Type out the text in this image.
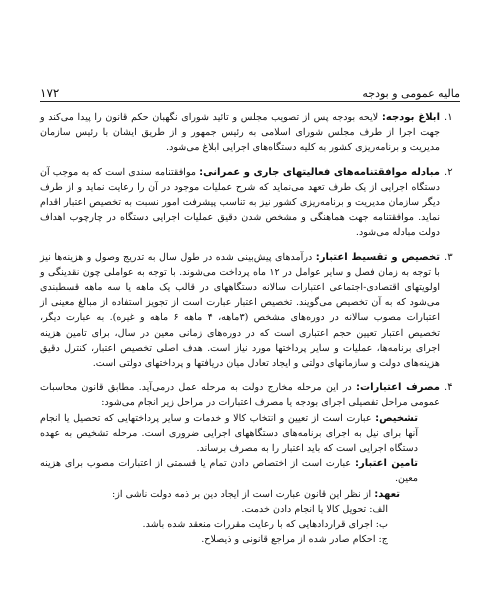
۱۷۲	مالیه عمومی و بودجه
۱.
ابلاغ بودجه: لایحه بودجه پس از تصویب مجلس و تائید شورای نگهبان حکم قانون را پیدا می‌کند و جهت اجرا از طرف مجلس شورای اسلامی به رئیس جمهور و از طریق ایشان با رئیس سازمان مدیریت و برنامه‌ریزی کشور به کلیه دستگاه‌های اجرایی ابلاغ می‌شود.
۲.
مبادله موافقتنامه‌های فعالیتهای جاری و عمرانی: موافقتنامه سندی است که به موجب آن دستگاه اجرایی از یک طرف تعهد می‌نماید که شرح عملیات موجود در آن را رعایت نماید و از طرف دیگر سازمان مدیریت و برنامه‌ریزی کشور نیز به تناسب پیشرفت امور نسبت به تخصیص اعتبار اقدام نماید. موافقتنامه جهت هماهنگی و مشخص شدن دقیق عملیات اجرایی دستگاه در چارچوب اهداف دولت مبادله می‌شود.
۳.
تخصیص و تقسیط اعتبار: درآمدهای پیش‌بینی شده در طول سال به تدریج وصول و هزینه‌ها نیز با توجه به زمان فصل و سایر عوامل در ۱۲ ماه پرداخت می‌شوند. با توجه به عواملی چون نقدینگی و اولویتهای اقتصادی-اجتماعی اعتبارات سالانه دستگاههای در قالب یک ماهه یا سه ماهه قسطبندی می‌شود که به آن تخصیص می‌گویند. تخصیص اعتبار عبارت است از تجویز استفاده از مبالغ معینی از اعتبارات مصوب سالانه در دوره‌های مشخص (۳ماهه، ۴ ماهه ۶ ماهه و غیره). به عبارت دیگر، تخصیص اعتبار تعیین حجم اعتباری است که در دوره‌های زمانی معین در سال، برای تامین هزینه اجرای برنامه‌ها، عملیات و سایر پرداختها مورد نیاز است. هدف اصلی تخصیص اعتبار، کنترل دقیق هزینه‌های دولت و سازمانهای دولتی و ایجاد تعادل میان دریافتها و پرداختهای دولتی است.
۴.
مصرف اعتبارات: در این مرحله مخارج دولت به مرحله عمل درمی‌آید. مطابق قانون محاسبات عمومی مراحل تفصیلی اجرای بودجه یا مصرف اعتبارات در مراحل زیر انجام می‌شود:
تشخیص: عبارت است از تعیین و انتخاب کالا و خدمات و سایر پرداختهایی که تحصیل یا انجام آنها برای نیل به اجرای برنامه‌های دستگاههای اجرایی ضروری است. مرحله تشخیص به عهده دستگاه اجرایی است که باید اعتبار را به مصرف برساند.
تامین اعتبار: عبارت است از اختصاص دادن تمام یا قسمتی از اعتبارات مصوب برای هزینه معین.
تعهد: از نظر این قانون عبارت است از ایجاد دین بر ذمه دولت ناشی از:
الف: تحویل کالا یا انجام دادن خدمت.
ب: اجرای قراردادهایی که با رعایت مقررات منعقد شده باشد.
ج: احکام صادر شده از مراجع قانونی و ذیصلاح.
